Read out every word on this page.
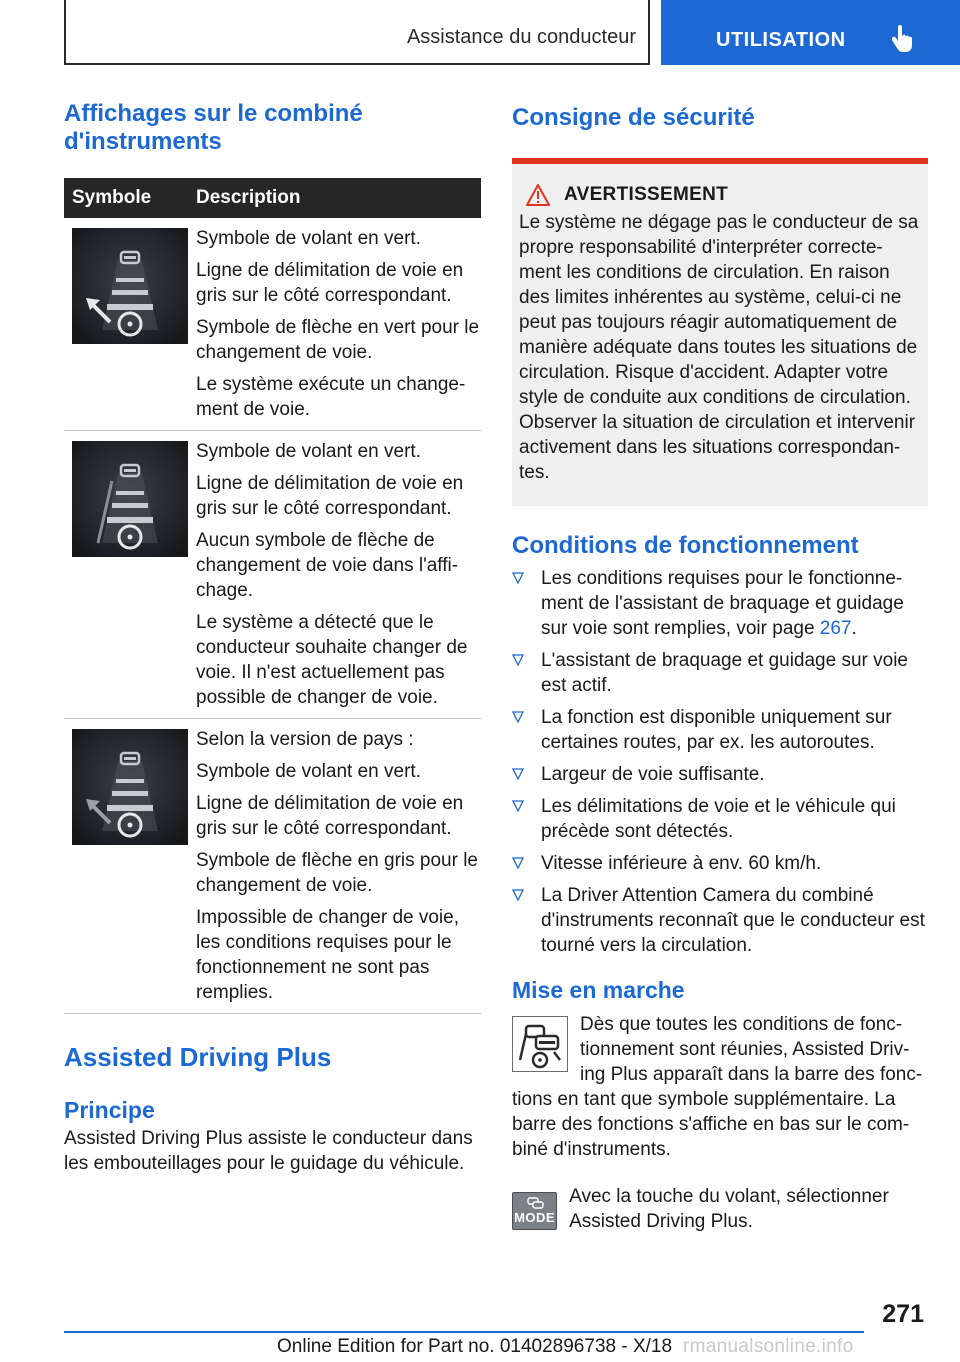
Assistance du conducteur	UTILISATION
Affichages sur le combiné d'instruments
Symbole	Description
Symbole de volant en vert.
Ligne de délimitation de voie en gris sur le côté correspondant.
Symbole de flèche en vert pour le changement de voie.
Le système exécute un change- ment de voie.
Symbole de volant en vert.
Ligne de délimitation de voie en gris sur le côté correspondant.
Aucun symbole de flèche de changement de voie dans l'affi- chage.
Le système a détecté que le conducteur souhaite changer de voie. Il n'est actuellement pas possible de changer de voie.
Selon la version de pays :
Symbole de volant en vert.
Ligne de délimitation de voie en gris sur le côté correspondant.
Symbole de flèche en gris pour le changement de voie.
Impossible de changer de voie, les conditions requises pour le fonctionnement ne sont pas remplies.
Assisted Driving Plus
Principe

Assisted Driving Plus assiste le conducteur dans les embouteillages pour le guidage du véhicule.

Consigne de sécurité
AVERTISSEMENT

Le système ne dégage pas le conducteur de sa propre responsabilité d'interpréter correcte- ment les conditions de circulation. En raison des limites inhérentes au système, celui-ci ne peut pas toujours réagir automatiquement de manière adéquate dans toutes les situations de circulation. Risque d'accident. Adapter votre style de conduite aux conditions de circulation. Observer la situation de circulation et intervenir activement dans les situations correspondan- tes.

Conditions de fonctionnement
Les conditions requises pour le fonctionne- ment de l'assistant de braquage et guidage sur voie sont remplies, voir page 267.
L'assistant de braquage et guidage sur voie est actif.
La fonction est disponible uniquement sur certaines routes, par ex. les autoroutes.
Largeur de voie suffisante.
Les délimitations de voie et le véhicule qui précède sont détectés.
Vitesse inférieure à env. 60 km/h.
La Driver Attention Camera du combiné d'instruments reconnaît que le conducteur est tourné vers la circulation.
Mise en marche

Dès que toutes les conditions de fonc- tionnement sont réunies, Assisted Driv- ing Plus apparaît dans la barre des fonc- tions en tant que symbole supplémentaire. La barre des fonctions s'affiche en bas sur le com- biné d'instruments.

MODE

Avec la touche du volant, sélectionner Assisted Driving Plus.

271
Online Edition for Part no. 01402896738 - X/18 rmanualsonline.info
